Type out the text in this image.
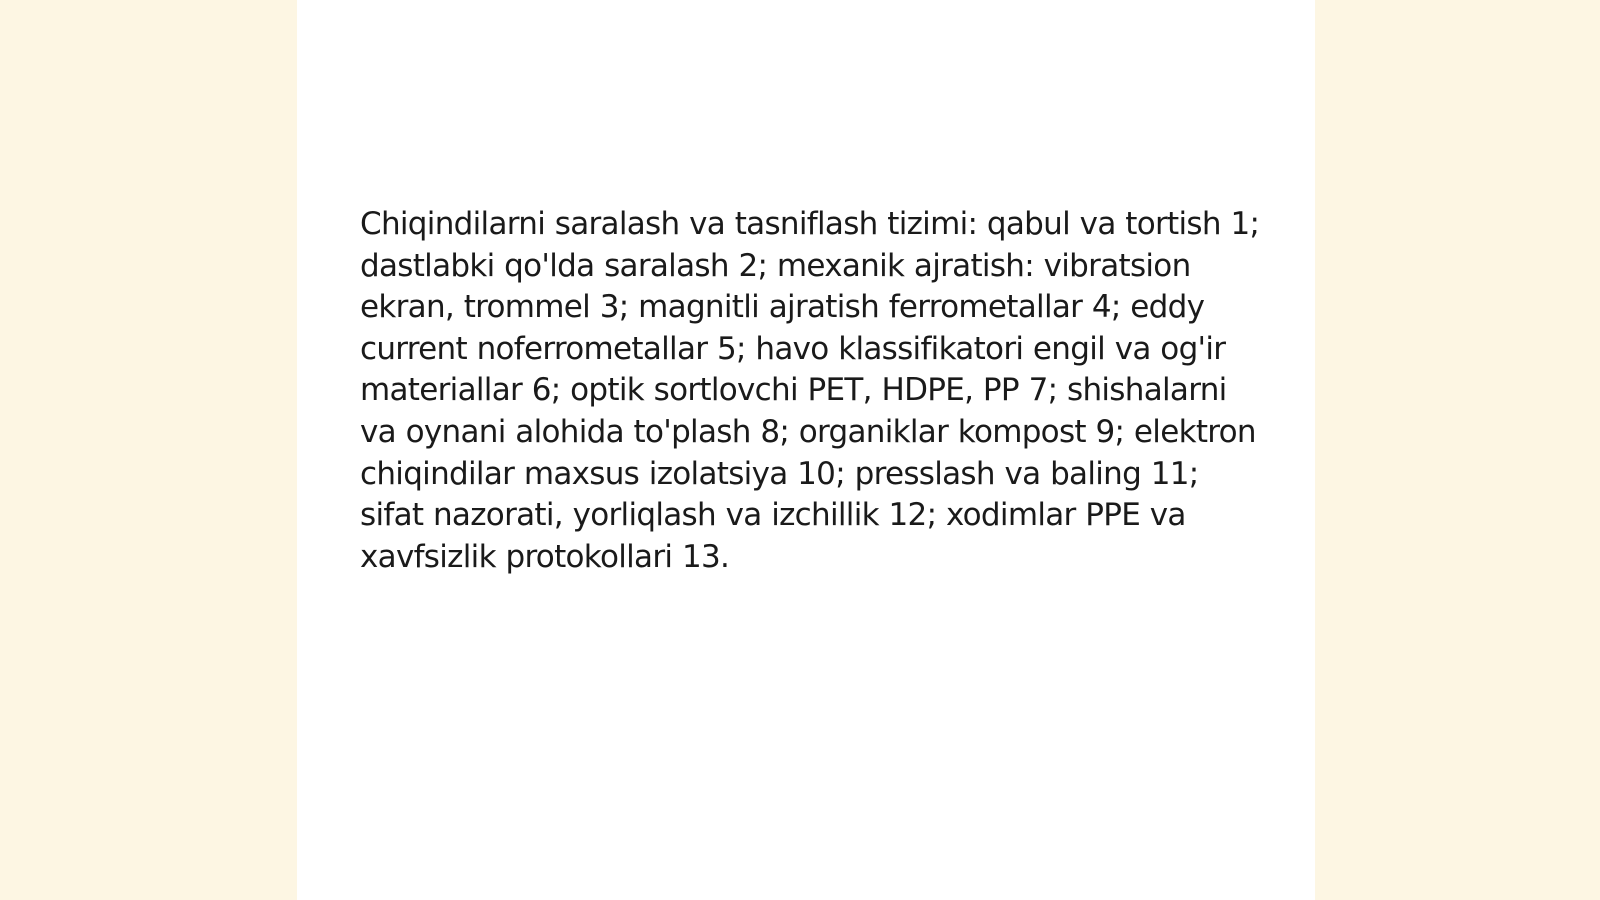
Chiqindilarni saralash va tasniflash tizimi: qabul va tortish 1; dastlabki qo'lda saralash 2; mexanik ajratish: vibratsion ekran, trommel 3; magnitli ajratish ferrometallar 4; eddy current noferrometallar 5; havo klassifikatori engil va og'ir materiallar 6; optik sortlovchi PET, HDPE, PP 7; shishalarni va oynani alohida to'plash 8; organiklar kompost 9; elektron chiqindilar maxsus izolatsiya 10; presslash va baling 11; sifat nazorati, yorliqlash va izchillik 12; xodimlar PPE va xavfsizlik protokollari 13.
